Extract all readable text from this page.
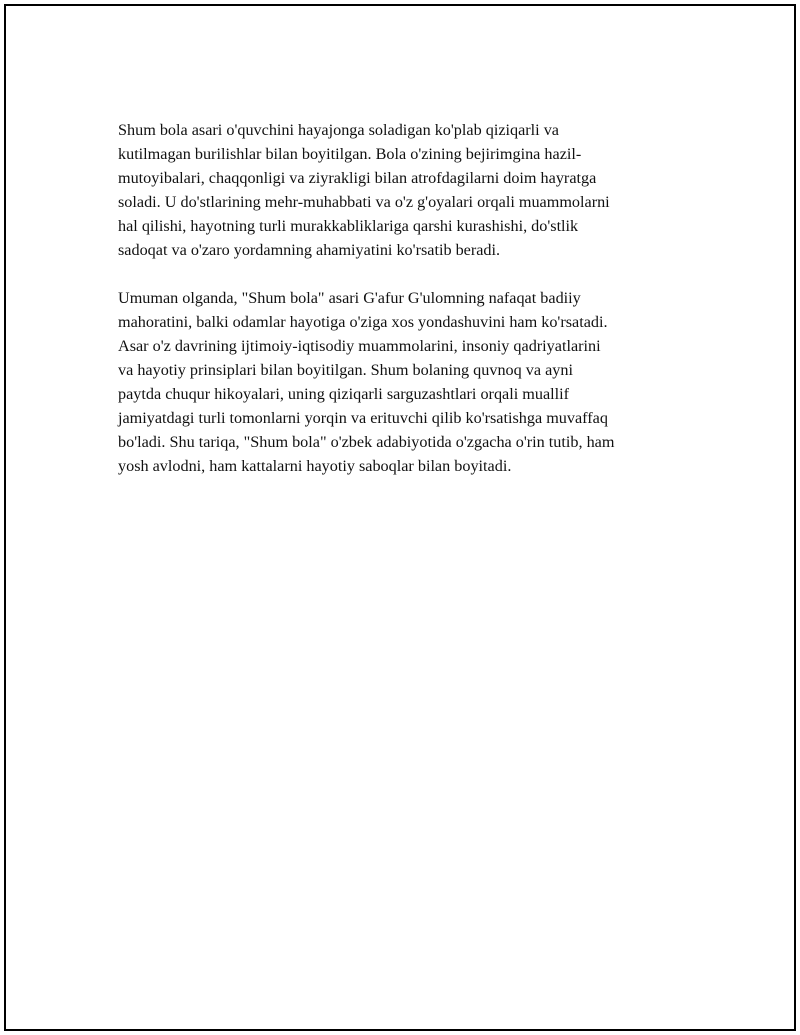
Shum bola asari o'quvchini hayajonga soladigan ko'plab qiziqarli va
kutilmagan burilishlar bilan boyitilgan. Bola o'zining bejirimgina hazil-
mutoyibalari, chaqqonligi va ziyrakligi bilan atrofdagilarni doim hayratga
soladi. U do'stlarining mehr-muhabbati va o'z g'oyalari orqali muammolarni
hal qilishi, hayotning turli murakkabliklariga qarshi kurashishi, do'stlik
sadoqat va o'zaro yordamning ahamiyatini ko'rsatib beradi.

Umuman olganda, "Shum bola" asari G'afur G'ulomning nafaqat badiiy
mahoratini, balki odamlar hayotiga o'ziga xos yondashuvini ham ko'rsatadi.
Asar o'z davrining ijtimoiy-iqtisodiy muammolarini, insoniy qadriyatlarini
va hayotiy prinsiplari bilan boyitilgan. Shum bolaning quvnoq va ayni
paytda chuqur hikoyalari, uning qiziqarli sarguzashtlari orqali muallif
jamiyatdagi turli tomonlarni yorqin va erituvchi qilib ko'rsatishga muvaffaq
bo'ladi. Shu tariqa, "Shum bola" o'zbek adabiyotida o'zgacha o'rin tutib, ham
yosh avlodni, ham kattalarni hayotiy saboqlar bilan boyitadi.
